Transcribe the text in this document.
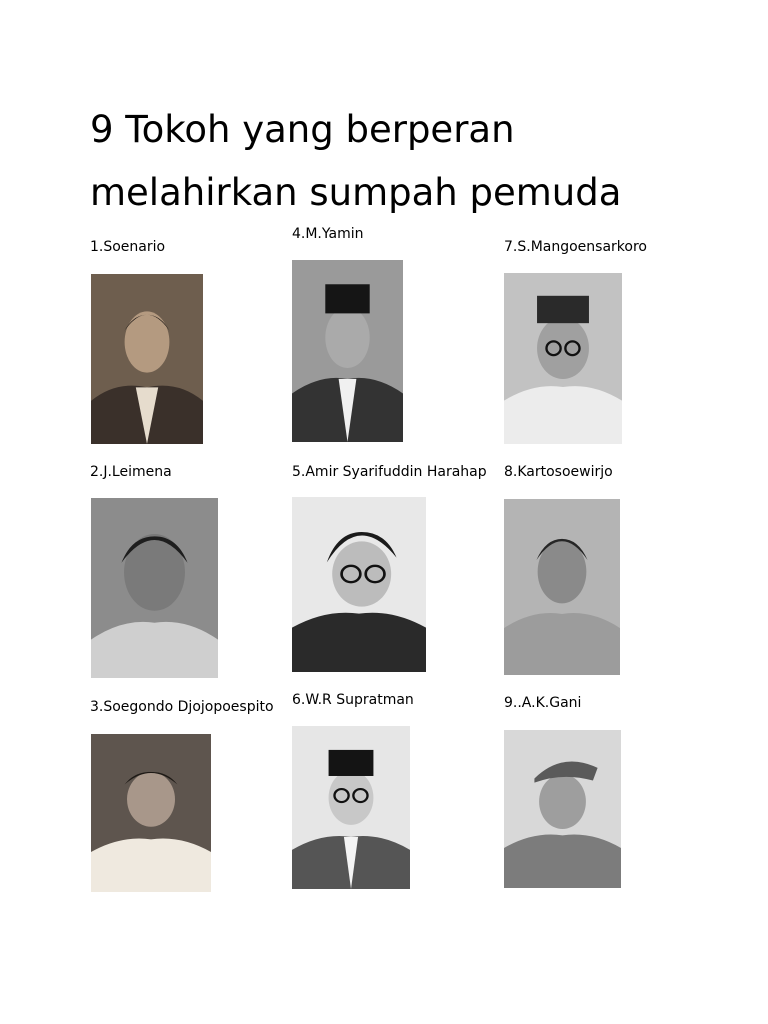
9 Tokoh yang berperan
melahirkan sumpah pemuda
1.Soenario
2.J.Leimena
3.Soegondo Djojopoespito
4.M.Yamin
5.Amir Syarifuddin Harahap
6.W.R Supratman
7.S.Mangoensarkoro
8.Kartosoewirjo
9..A.K.Gani
